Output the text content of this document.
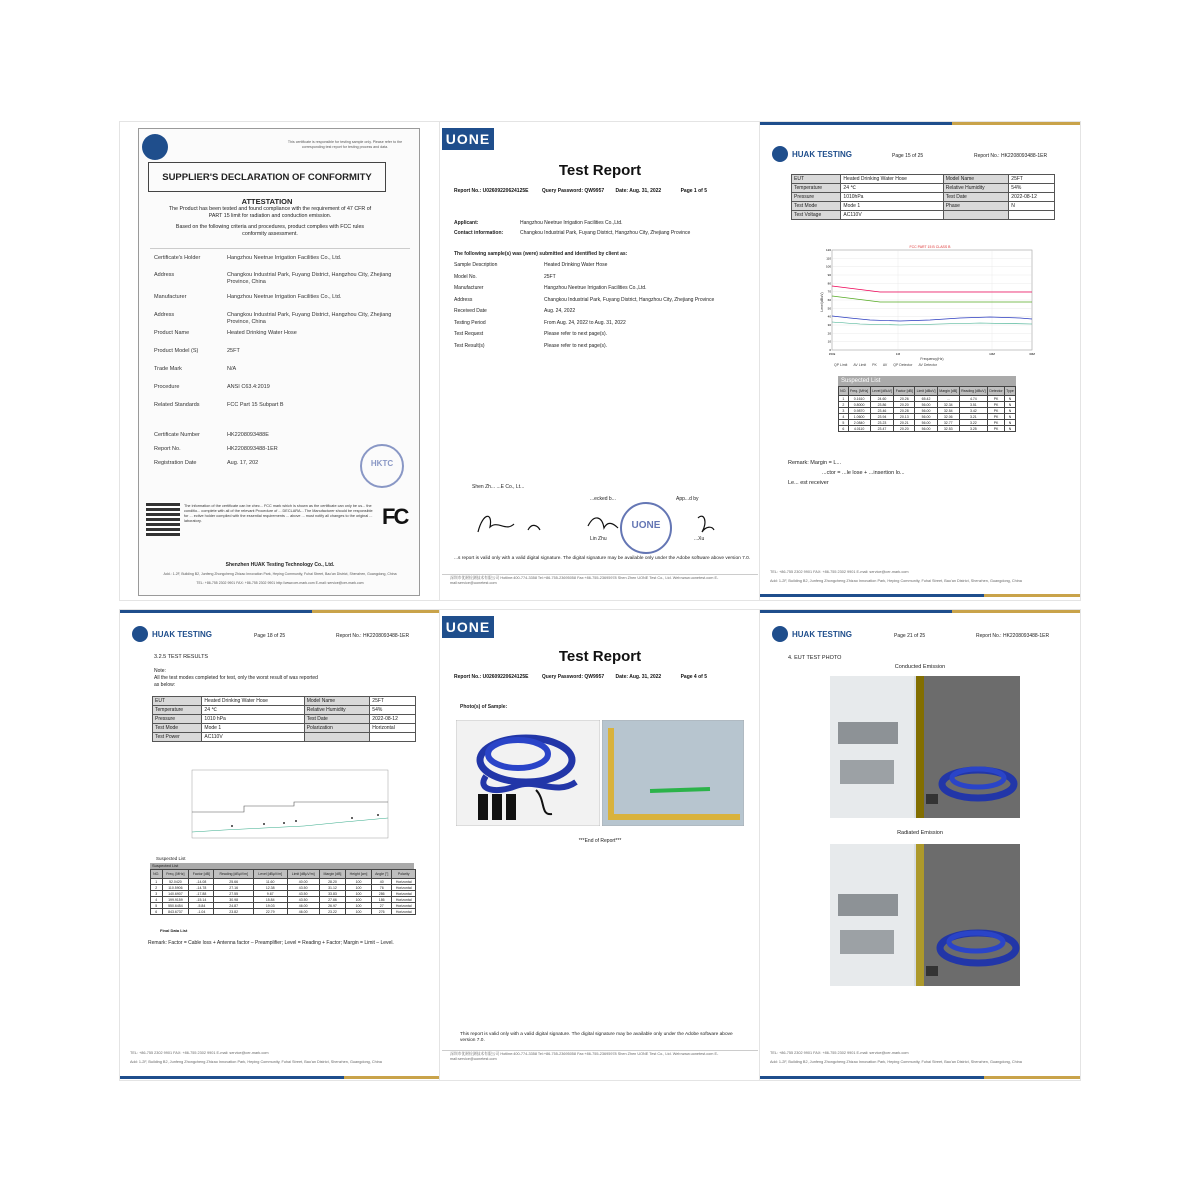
This certificate is responsible for testing sample only. Please refer to the corresponding test report for testing process and data.
SUPPLIER'S DECLARATION OF CONFORMITY
ATTESTATION
The Product has been tested and found compliance with the requirement of 47 CFR of PART 15 limit for radiation and conduction emission.
Based on the following criteria and procedures, product complies with FCC rules conformity assessment.
The information of the certificate can be chec... FCC mark which is shown as the certificate can only be us... the conditio... complete with all of the relevant Procedure of ... DECLARA... The Manufacturer should be responsible for ... ective holder complied with the essential requirements ... above ... must notify all changes to the original ... laboratory.
HKTC
FC
Shenzhen HUAK Testing Technology Co., Ltd.
Add.: 1-2F, Building B2, Junfeng Zhongcheng Zhizao Innovation Park, Heping Community, Fuhai Street, Bao'an District, Shenzhen, Guangdong, China
TEL: +86-755 2302 9901 FAX: +86-755 2302 9901 http://www.cer-mark.com E-mail: service@cer-mark.com
Certificate's Holder	Hangzhou Neetrue Irrigation Facilities Co., Ltd.
Address	Changkou Industrial Park, Fuyang District, Hangzhou City, Zhejiang Province, China
Manufacturer	Hangzhou Neetrue Irrigation Facilities Co., Ltd.
Address	Changkou Industrial Park, Fuyang District, Hangzhou City, Zhejiang Province, China
Product Name	Heated Drinking Water Hose
Product Model (S)	25FT
Trade Mark	N/A
Procedure	ANSI C63.4:2019
Related Standards	FCC Part 15 Subpart B
Certificate Number	HK2208093488E
Report No.	HK2208093488-1ER
Registration Date	Aug. 17, 202
UONE
Test Report
Report No.: U02609220624125E	Query Password: QW9957 Date: Aug. 31, 2022	Page 1 of 5
Applicant:	Hangzhou Neetrue Irrigation Facilities Co.,Ltd.
Contact information:	Changkou Industrial Park, Fuyang District, Hangzhou City, Zhejiang Province
The following sample(s) was (were) submitted and identified by client as:
Shen Zh... ...E Co., Lt...
...ecked b...	App...d by
UONE
Lin Zhu	...Xu
...s report is valid only with a valid digital signature. The digital signature may be available only under the Adobe software above version 7.0.
深圳市优耐检测技术有限公司 Hotline:400-774-3358 Tel:+86-755-23695058 Fax:+86-755-23695978 Shen Zhen UONE Test Co., Ltd. Web:www.uonetest.com E-mail:service@uonetest.com
Sample Description	Heated Drinking Water Hose
Model No.	25FT
Manufacturer	Hangzhou Neetrue Irrigation Facilities Co.,Ltd.
Address	Changkou Industrial Park, Fuyang District, Hangzhou City, Zhejiang Province
Received Date	Aug. 24, 2022
Testing Period	From Aug. 24, 2022 to Aug. 31, 2022
Test Request	Please refer to next page(s).
Test Result(s)	Please refer to next page(s).
HUAK TESTING	Page 15 of 25	Report No.: HK2208093488-1ER
EUT	Heated Drinking Water Hose	Model Name	25FT
Temperature	24 ℃	Relative Humidity	54%
Pressure	1010hPa	Test Date	2022-08-12
Test Mode	Mode 1	Phase	N
Test Voltage	AC110V		
120
110
100
90
80
70
60
50
40
30
20
10
0
150k	1M	10M	30M
FCC PART 15 B CLASS B
Level(dBuV)
Frequency(Hz)
QP Limit AV Limit PK AV QP Detector AV Detector
Suspected List
NO.	Freq. [MHz]	Level [dBuV]	Factor [dB]	Limit [dBuV]	Margin [dB]	Reading [dBuV]	Detector	Type
1	0.1610	24.60	20.26	65.42	...	4.74	PK	N
2	0.8000	23.86	20.20	56.00	32.34	3.51	PK	N
3	0.9870	23.46	20.28	56.00	32.54	3.42	PK	N
4	1.0600	23.94	20.13	56.00	32.06	3.21	PK	N
5	2.0840	23.23	20.21	56.00	32.77	3.22	PK	N
6	4.0110	23.47	20.20	56.00	32.53	3.25	PK	N
Remark: Margin = L...
...ctor = ...le lose + ...insertion lo...
Le... est receiver
TEL: +86-755 2302 9901 FAX: +86-755 2302 9901 E-mail: service@cer-mark.com
Add: 1-2F, Building B2, Junfeng Zhongcheng Zhizao Innovation Park, Heping Community, Fuhai Street, Bao'an District, Shenzhen, Guangdong, China
HUAK TESTING	Page 18 of 25	Report No.: HK2208093488-1ER
3.2.5 TEST RESULTS
Note:
All the test modes completed for test, only the worst result of was reported
as below:
EUT	Heated Drinking Water Hose	Model Name	25FT
Temperature	24 ℃	Relative Humidity	54%
Pressure	1010 hPa	Test Date	2022-08-12
Test Mode	Mode 1	Polarization	Horizontal
Test Power	AC110V		
Suspected List
Suspected List
NO.	Freq. [MHz]	Factor [dB]	Reading [dBμV/m]	Level [dBμV/m]	Limit [dBμV/m]	Margin [dB]	Height [cm]	Angle [°]	Polarity
1	52.0420	-14.08	25.66	11.60	40.00	28.20	100	40	Horizontal
2	110.5906	-14.78	27.16	12.38	43.50	31.12	100	76	Horizontal
3	140.6907	-17.88	27.55	9.67	43.50	33.83	100	286	Horizontal
4	199.9159	-15.14	30.98	15.84	43.50	27.66	100	186	Horizontal
5	550.6454	-5.84	24.87	19.03	46.00	26.97	100	27	Horizontal
6	843.6737	-1.04	23.82	22.79	46.00	23.22	100	276	Horizontal
Final Data List
Remark: Factor = Cable loss + Antenna factor – Preamplifier; Level = Reading + Factor; Margin = Limit – Level.
TEL: +86-755 2302 9901 FAX: +86-755 2302 9901 E-mail: service@cer-mark.com
Add: 1-2F, Building B2, Junfeng Zhongcheng Zhizao Innovation Park, Heping Community, Fuhai Street, Bao'an District, Shenzhen, Guangdong, China
UONE
Test Report
Report No.: U02609220624125E	Query Password: QW9957 Date: Aug. 31, 2022	Page 4 of 5
Photo(s) of Sample:
***End of Report***
This report is valid only with a valid digital signature. The digital signature may be available only under the Adobe software above version 7.0.
深圳市优耐检测技术有限公司 Hotline:400-774-3358 Tel:+86-755-23695058 Fax:+86-755-23695978 Shen Zhen UONE Test Co., Ltd. Web:www.uonetest.com E-mail:service@uonetest.com
HUAK TESTING	Page 21 of 25	Report No.: HK2208093488-1ER
4. EUT TEST PHOTO
Conducted Emission
Radiated Emission
TEL: +86-755 2302 9901 FAX: +86-755 2302 9901 E-mail: service@cer-mark.com
Add: 1-2F, Building B2, Junfeng Zhongcheng Zhizao Innovation Park, Heping Community, Fuhai Street, Bao'an District, Shenzhen, Guangdong, China
